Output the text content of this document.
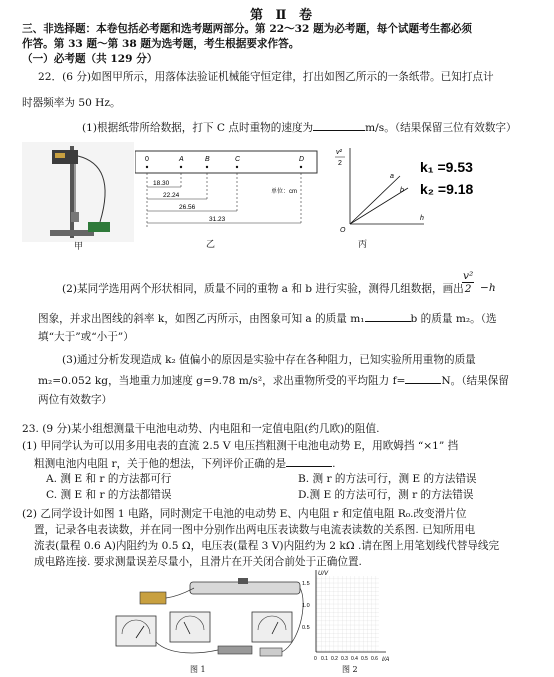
第 Ⅱ 卷
三、非选择题：本卷包括必考题和选考题两部分。第 22～32 题为必考题，每个试题考生都必须
作答。第 33 题～第 38 题为选考题，考生根据要求作答。
（一）必考题（共 129 分）
22．(6 分)如图甲所示，用落体法验证机械能守恒定律，打出如图乙所示的一条纸带。已知打点计
时器频率为 50 Hz。
(1)根据纸带所给数据，打下 C 点时重物的速度为	m/s。（结果保留三位有效数字）
甲
0	A	B	C	D
18.30
22.24
26.56
31.23
单位：cm
乙
v²
2
h
O
a
b
k₁ =9.53
k₂ =9.18
丙
(2)某同学选用两个形状相同，质量不同的重物 a 和 b 进行实验，测得几组数据，画出
$\frac{\text{v²}}{2} -h$
图象，并求出图线的斜率 k，如图乙丙所示，由图象可知 a 的质量 m₁	b 的质量 m₂。（选
填“大于”或“小于”）
(3)通过分析发现造成 k₂ 值偏小的原因是实验中存在各种阻力，已知实验所用重物的质量
m₂=0.052 kg，当地重力加速度 g=9.78 m/s²，求出重物所受的平均阻力 f=	N。（结果保留
两位有效数字）
23. (9 分)某小组想测量干电池电动势、内电阻和一定值电阻(约几欧)的阻值.
(1) 甲同学认为可以用多用电表的直流 2.5 V 电压挡粗测干电池电动势 E，用欧姆挡 “×1” 挡
粗测电池内电阻 r，关于他的想法，下列评价正确的是	.
A. 测 E 和 r 的方法都可行	B. 测 r 的方法可行，测 E 的方法错误
C. 测 E 和 r 的方法都错误	D.测 E 的方法可行，测 r 的方法错误
(2) 乙同学设计如图 1 电路，同时测定干电池的电动势 E、内电阻 r 和定值电阻 R₀.改变滑片位
置，记录各电表读数，并在同一图中分别作出两电压表读数与电流表读数的关系图. 已知所用电
流表(量程 0.6 A)内阻约为 0.5 Ω，电压表(量程 3 V)内阻约为 2 kΩ .请在图上用笔划线代替导线完
成电路连接. 要求测量误差尽量小，且滑片在开关闭合前处于正确位置.
图 1
U/V
I/A
1.5
1.0
0.5
0 0.1 0.2 0.3 0.4 0.5 0.6
图 2
